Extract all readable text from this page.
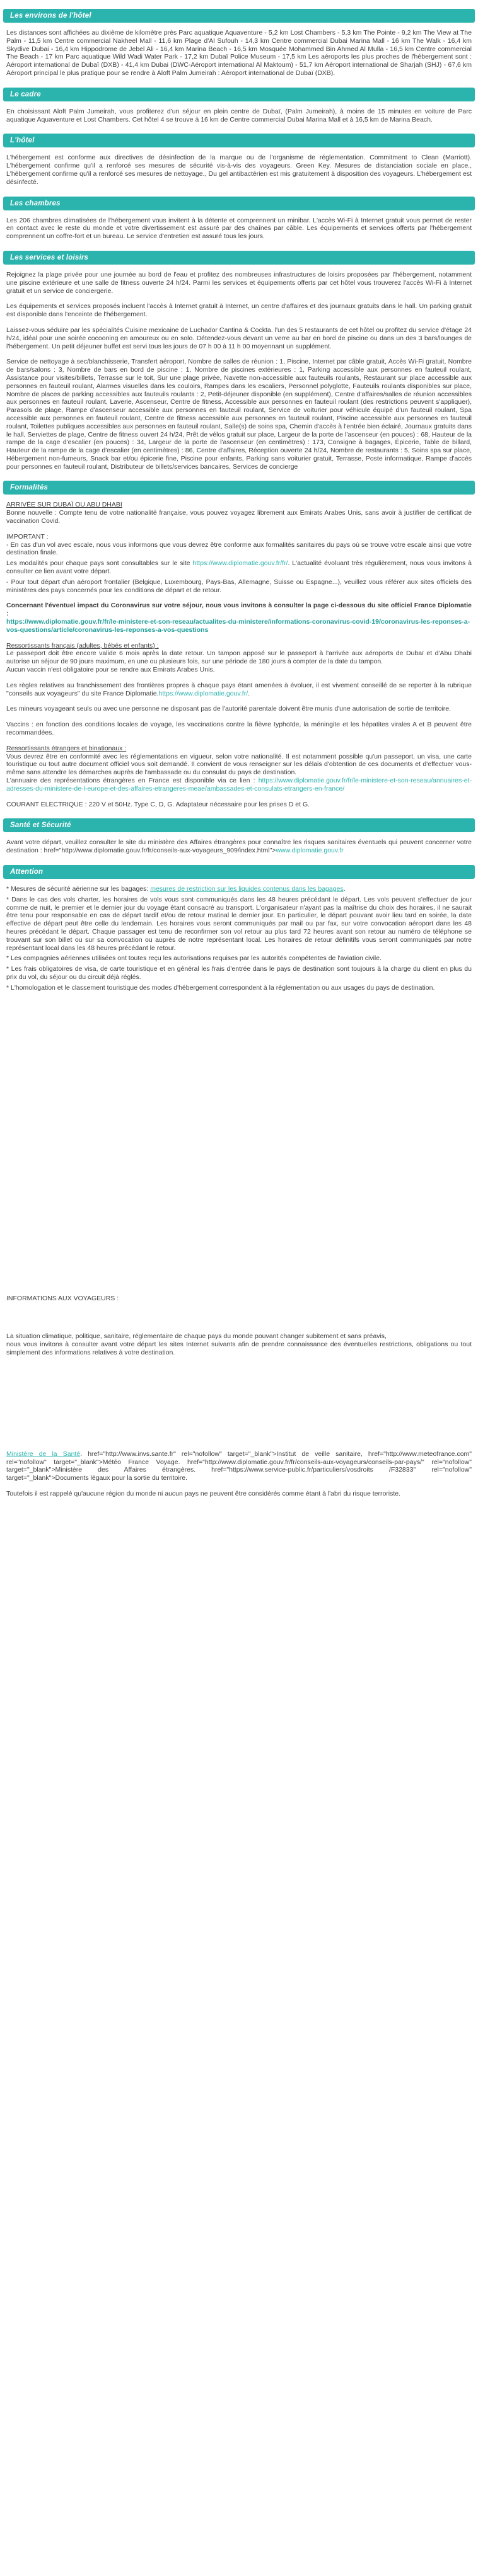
Les environs de l'hôtel

Les distances sont affichées au dixième de kilomètre près Parc aquatique Aquaventure - 5,2 km Lost Chambers - 5,3 km The Pointe - 9,2 km The View at The Palm - 11,5 km Centre commercial Nakheel Mall - 11,6 km Plage d'Al Sufouh - 14,3 km Centre commercial Dubai Marina Mall - 16 km The Walk - 16,4 km Skydive Dubai - 16,4 km Hippodrome de Jebel Ali - 16,4 km Marina Beach - 16,5 km Mosquée Mohammed Bin Ahmed Al Mulla - 16,5 km Centre commercial The Beach - 17 km Parc aquatique Wild Wadi Water Park - 17,2 km Dubaï Police Museum - 17,5 km Les aéroports les plus proches de l'hébergement sont : Aéroport international de Dubaï (DXB) - 41,4 km Dubai (DWC-Aéroport international Al Maktoum) - 51,7 km Aéroport international de Sharjah (SHJ) - 67,6 km Aéroport principal le plus pratique pour se rendre à Aloft Palm Jumeirah : Aéroport international de Dubaï (DXB).

Le cadre

En choisissant Aloft Palm Jumeirah, vous profiterez d'un séjour en plein centre de Dubaï, (Palm Jumeirah), à moins de 15 minutes en voiture de Parc aquatique Aquaventure et Lost Chambers. Cet hôtel 4 se trouve à 16 km de Centre commercial Dubai Marina Mall et à 16,5 km de Marina Beach.

L'hôtel

L'hébergement est conforme aux directives de désinfection de la marque ou de l'organisme de réglementation. Commitment to Clean (Marriott). L'hébergement confirme qu'il a renforcé ses mesures de sécurité vis-à-vis des voyageurs. Green Key. Mesures de distanciation sociale en place., L'hébergement confirme qu'il a renforcé ses mesures de nettoyage., Du gel antibactérien est mis gratuitement à disposition des voyageurs. L'hébergement est désinfecté.

Les chambres

Les 206 chambres climatisées de l'hébergement vous invitent à la détente et comprennent un minibar. L'accès Wi-Fi à Internet gratuit vous permet de rester en contact avec le reste du monde et votre divertissement est assuré par des chaînes par câble. Les équipements et services offerts par l'hébergement comprennent un coffre-fort et un bureau. Le service d'entretien est assuré tous les jours.

Les services et loisirs

Rejoignez la plage privée pour une journée au bord de l'eau et profitez des nombreuses infrastructures de loisirs proposées par l'hébergement, notamment une piscine extérieure et une salle de fitness ouverte 24 h/24. Parmi les services et équipements offerts par cet hôtel vous trouverez l'accès Wi-Fi à Internet gratuit et un service de conciergerie.

Les équipements et services proposés incluent l'accès à Internet gratuit à Internet, un centre d'affaires et des journaux gratuits dans le hall. Un parking gratuit est disponible dans l'enceinte de l'hébergement.

Laissez-vous séduire par les spécialités Cuisine mexicaine de Luchador Cantina & Cockta. l'un des 5 restaurants de cet hôtel ou profitez du service d'étage 24 h/24, idéal pour une soirée cocooning en amoureux ou en solo. Détendez-vous devant un verre au bar en bord de piscine ou dans un des 3 bars/lounges de l'hébergement. Un petit déjeuner buffet est servi tous les jours de 07 h 00 à 11 h 00 moyennant un supplément.

Service de nettoyage à sec/blanchisserie, Transfert aéroport, Nombre de salles de réunion : 1, Piscine, Internet par câble gratuit, Accès Wi-Fi gratuit, Nombre de bars/salons : 3, Nombre de bars en bord de piscine : 1, Nombre de piscines extérieures : 1, Parking accessible aux personnes en fauteuil roulant, Assistance pour visites/billets, Terrasse sur le toit, Sur une plage privée, Navette non-accessible aux fauteuils roulants, Restaurant sur place accessible aux personnes en fauteuil roulant, Alarmes visuelles dans les couloirs, Rampes dans les escaliers, Personnel polyglotte, Fauteuils roulants disponibles sur place, Nombre de places de parking accessibles aux fauteuils roulants : 2, Petit-déjeuner disponible (en supplément), Centre d'affaires/salles de réunion accessibles aux personnes en fauteuil roulant, Laverie, Ascenseur, Centre de fitness, Accessible aux personnes en fauteuil roulant (des restrictions peuvent s'appliquer), Parasols de plage, Rampe d'ascenseur accessible aux personnes en fauteuil roulant, Service de voiturier pour véhicule équipé d'un fauteuil roulant, Spa accessible aux personnes en fauteuil roulant, Centre de fitness accessible aux personnes en fauteuil roulant, Piscine accessible aux personnes en fauteuil roulant, Toilettes publiques accessibles aux personnes en fauteuil roulant, Salle(s) de soins spa, Chemin d'accès à l'entrée bien éclairé, Journaux gratuits dans le hall, Serviettes de plage, Centre de fitness ouvert 24 h/24, Prêt de vélos gratuit sur place, Largeur de la porte de l'ascenseur (en pouces) : 68, Hauteur de la rampe de la cage d'escalier (en pouces) : 34, Largeur de la porte de l'ascenseur (en centimètres) : 173, Consigne à bagages, Épicerie, Table de billard, Hauteur de la rampe de la cage d'escalier (en centimètres) : 86, Centre d'affaires, Réception ouverte 24 h/24, Nombre de restaurants : 5, Soins spa sur place, Hébergement non-fumeurs, Snack bar et/ou épicerie fine, Piscine pour enfants, Parking sans voiturier gratuit, Terrasse, Poste informatique, Rampe d'accès pour personnes en fauteuil roulant, Distributeur de billets/services bancaires, Services de concierge

Formalités

ARRIVÉE SUR DUBAÏ OU ABU DHABI

Bonne nouvelle : Compte tenu de votre nationalité française, vous pouvez voyagez librement aux Emirats Arabes Unis, sans avoir à justifier de certificat de vaccination Covid.

IMPORTANT :

- En cas d'un vol avec escale, nous vous informons que vous devrez être conforme aux formalités sanitaires du pays où se trouve votre escale ainsi que votre destination finale.

Les modalités pour chaque pays sont consultables sur le site https://www.diplomatie.gouv.fr/fr/. L'actualité évoluant très régulièrement, nous vous invitons à consulter ce lien avant votre départ.

- Pour tout départ d'un aéroport frontalier (Belgique, Luxembourg, Pays-Bas, Allemagne, Suisse ou Espagne...), veuillez vous référer aux sites officiels des ministères des pays concernés pour les conditions de départ et de retour.

Concernant l'éventuel impact du Coronavirus sur votre séjour, nous vous invitons à consulter la page ci-dessous du site officiel France Diplomatie :

https://www.diplomatie.gouv.fr/fr/le-ministere-et-son-reseau/actualites-du-ministere/informations-coronavirus-covid-19/coronavirus-les-reponses-a-vos-questions/article/coronavirus-les-reponses-a-vos-questions

Ressortissants français (adultes, bébés et enfants) :

Le passeport doit être encore valide 6 mois après la date retour. Un tampon apposé sur le passeport à l'arrivée aux aéroports de Dubaï et d'Abu Dhabi autorise un séjour de 90 jours maximum, en une ou plusieurs fois, sur une période de 180 jours à compter de la date du tampon.

Aucun vaccin n'est obligatoire pour se rendre aux Emirats Arabes Unis.

Les règles relatives au franchissement des frontières propres à chaque pays étant amenées à évoluer, il est vivement conseillé de se reporter à la rubrique "conseils aux voyageurs" du site France Diplomatie.https://www.diplomatie.gouv.fr/.

Les mineurs voyageant seuls ou avec une personne ne disposant pas de l'autorité parentale doivent être munis d'une autorisation de sortie de territoire.

Vaccins : en fonction des conditions locales de voyage, les vaccinations contre la fièvre typhoïde, la méningite et les hépatites virales A et B peuvent être recommandées.

Ressortissants étrangers et binationaux :

Vous devrez être en conformité avec les réglementations en vigueur, selon votre nationalité. Il est notamment possible qu'un passeport, un visa, une carte touristique ou tout autre document officiel vous soit demandé. Il convient de vous renseigner sur les délais d'obtention de ces documents et d'effectuer vous-même sans attendre les démarches auprès de l'ambassade ou du consulat du pays de destination.

L'annuaire des représentations étrangères en France est disponible via ce lien : https://www.diplomatie.gouv.fr/fr/le-ministere-et-son-reseau/annuaires-et-adresses-du-ministere-de-l-europe-et-des-affaires-etrangeres-meae/ambassades-et-consulats-etrangers-en-france/

COURANT ELECTRIQUE : 220 V et 50Hz. Type C, D, G. Adaptateur nécessaire pour les prises D et G.

Santé et Sécurité

Avant votre départ, veuillez consulter le site du ministère des Affaires étrangères pour connaître les risques sanitaires éventuels qui peuvent concerner votre destination : href="http://www.diplomatie.gouv.fr/fr/conseils-aux-voyageurs_909/index.html">www.diplomatie.gouv.fr

Attention

* Mesures de sécurité aérienne sur les bagages: mesures de restriction sur les liquides contenus dans les bagages.

* Dans le cas des vols charter, les horaires de vols vous sont communiqués dans les 48 heures précédant le départ. Les vols peuvent s'effectuer de jour comme de nuit, le premier et le dernier jour du voyage étant consacré au transport. L'organisateur n'ayant pas la maîtrise du choix des horaires, il ne saurait être tenu pour responsable en cas de départ tardif et/ou de retour matinal le dernier jour. En particulier, le départ pouvant avoir lieu tard en soirée, la date effective de départ peut être celle du lendemain. Les horaires vous seront communiqués par mail ou par fax, sur votre convocation aéroport dans les 48 heures précédant le départ. Chaque passager est tenu de reconfirmer son vol retour au plus tard 72 heures avant son retour au numéro de téléphone se trouvant sur son billet ou sur sa convocation ou auprès de notre représentant local. Les horaires de retour définitifs vous seront communiqués par notre représentant local dans les 48 heures précédant le retour.

* Les compagnies aériennes utilisées ont toutes reçu les autorisations requises par les autorités compétentes de l'aviation civile.

* Les frais obligatoires de visa, de carte touristique et en général les frais d'entrée dans le pays de destination sont toujours à la charge du client en plus du prix du vol, du séjour ou du circuit déjà réglés.

* L'homologation et le classement touristique des modes d'hébergement correspondent à la réglementation ou aux usages du pays de destination.

INFORMATIONS AUX VOYAGEURS :

La situation climatique, politique, sanitaire, réglementaire de chaque pays du monde pouvant changer subitement et sans préavis,

nous vous invitons à consulter avant votre départ les sites Internet suivants afin de prendre connaissance des éventuelles restrictions, obligations ou tout simplement des informations relatives à votre destination.

Ministère de la Santé. href="http://www.invs.sante.fr" rel="nofollow" target="_blank">Institut de veille sanitaire, href="http://www.meteofrance.com" rel="nofollow" target="_blank">Météo France Voyage. href="http://www.diplomatie.gouv.fr/fr/conseils-aux-voyageurs/conseils-par-pays/" rel="nofollow" target="_blank">Ministère des Affaires étrangères. href="https://www.service-public.fr/particuliers/vosdroits /F32833" rel="nofollow" target="_blank">Documents légaux pour la sortie du territoire.

Toutefois il est rappelé qu'aucune région du monde ni aucun pays ne peuvent être considérés comme étant à l'abri du risque terroriste.
